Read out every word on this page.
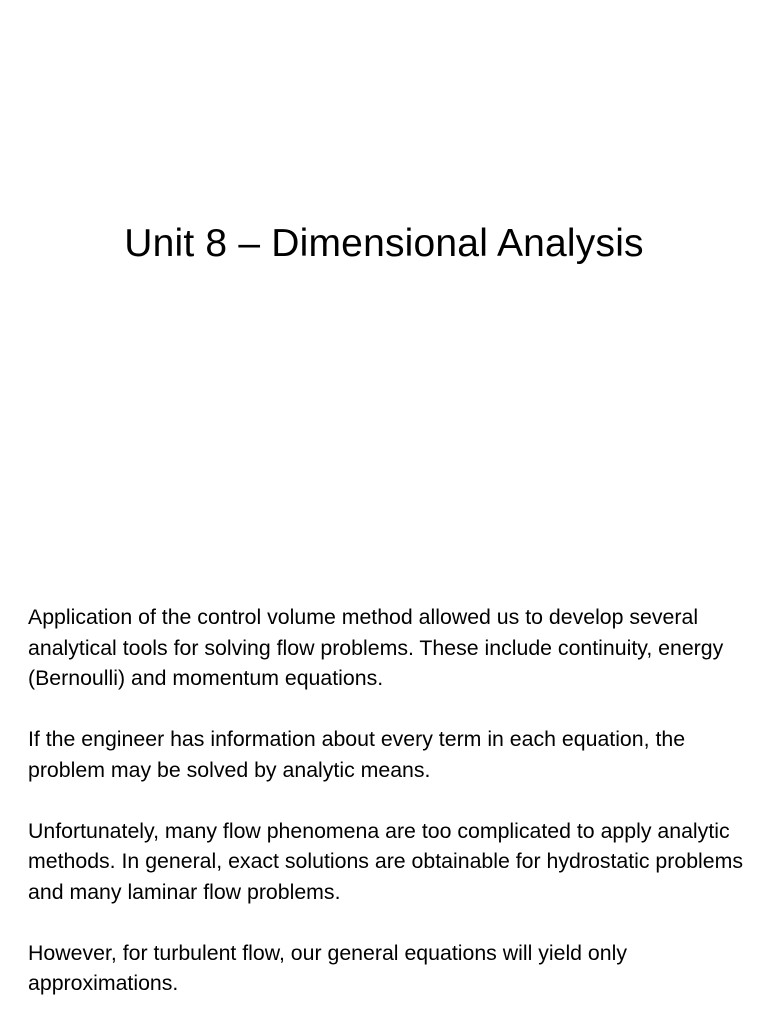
Unit 8 – Dimensional Analysis

Application of the control volume method allowed us to develop several analytical tools for solving flow problems. These include continuity, energy (Bernoulli) and momentum equations.

If the engineer has information about every term in each equation, the problem may be solved by analytic means.

Unfortunately, many flow phenomena are too complicated to apply analytic methods. In general, exact solutions are obtainable for hydrostatic problems and many laminar flow problems.

However, for turbulent flow, our general equations will yield only approximations.
